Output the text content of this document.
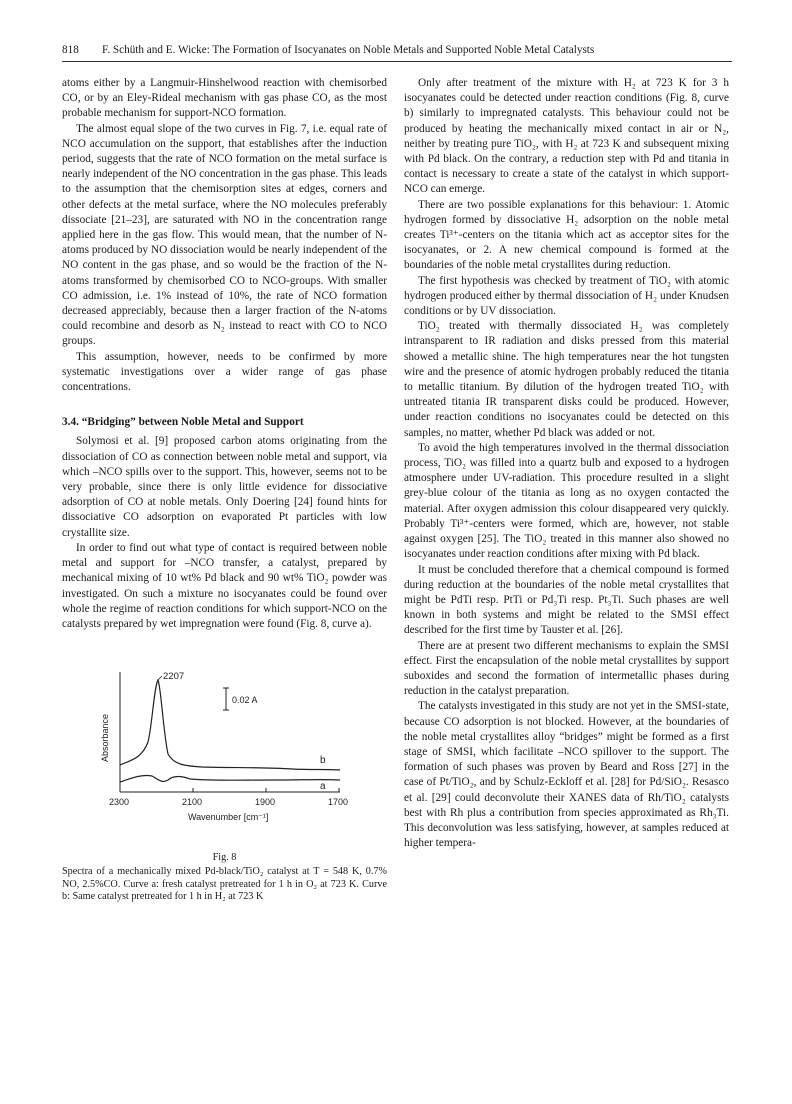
818 F. Schüth and E. Wicke: The Formation of Isocyanates on Noble Metals and Supported Noble Metal Catalysts

atoms either by a Langmuir-Hinshelwood reaction with chemisorbed CO, or by an Eley-Rideal mechanism with gas phase CO, as the most probable mechanism for support-NCO formation.

The almost equal slope of the two curves in Fig. 7, i.e. equal rate of NCO accumulation on the support, that establishes after the induction period, suggests that the rate of NCO formation on the metal surface is nearly independent of the NO concentration in the gas phase. This leads to the assumption that the chemisorption sites at edges, corners and other defects at the metal surface, where the NO molecules preferably dissociate [21–23], are saturated with NO in the concentration range applied here in the gas flow. This would mean, that the number of N-atoms produced by NO dissociation would be nearly independent of the NO content in the gas phase, and so would be the fraction of the N-atoms transformed by chemisorbed CO to NCO-groups. With smaller CO admission, i.e. 1% instead of 10%, the rate of NCO formation decreased appreciably, because then a larger fraction of the N-atoms could recombine and desorb as N₂ instead to react with CO to NCO groups.

This assumption, however, needs to be confirmed by more systematic investigations over a wider range of gas phase concentrations.

3.4. “Bridging” between Noble Metal and Support

Solymosi et al. [9] proposed carbon atoms originating from the dissociation of CO as connection between noble metal and support, via which –NCO spills over to the support. This, however, seems not to be very probable, since there is only little evidence for dissociative adsorption of CO at noble metals. Only Doering [24] found hints for dissociative CO adsorption on evaporated Pt particles with low crystallite size.

In order to find out what type of contact is required between noble metal and support for –NCO transfer, a catalyst, prepared by mechanical mixing of 10 wt% Pd black and 90 wt% TiO₂ powder was investigated. On such a mixture no isocyanates could be found over whole the regime of reaction conditions for which support-NCO on the catalysts prepared by wet impregnation were found (Fig. 8, curve a).

2207
0.02 A
b
a
Absorbance
2300	2100	1900	1700
Wavenumber [cm⁻¹]
Fig. 8
Spectra of a mechanically mixed Pd-black/TiO₂ catalyst at T = 548 K, 0.7% NO, 2.5%CO. Curve a: fresh catalyst pretreated for 1 h in O₂ at 723 K. Curve b: Same catalyst pretreated for 1 h in H₂ at 723 K

Only after treatment of the mixture with H₂ at 723 K for 3 h isocyanates could be detected under reaction conditions (Fig. 8, curve b) similarly to impregnated catalysts. This behaviour could not be produced by heating the mechanically mixed contact in air or N₂, neither by treating pure TiO₂, with H₂ at 723 K and subsequent mixing with Pd black. On the contrary, a reduction step with Pd and titania in contact is necessary to create a state of the catalyst in which support-NCO can emerge.

There are two possible explanations for this behaviour: 1. Atomic hydrogen formed by dissociative H₂ adsorption on the noble metal creates Ti³⁺-centers on the titania which act as acceptor sites for the isocyanates, or 2. A new chemical compound is formed at the boundaries of the noble metal crystallites during reduction.

The first hypothesis was checked by treatment of TiO₂ with atomic hydrogen produced either by thermal dissociation of H₂ under Knudsen conditions or by UV dissociation.

TiO₂ treated with thermally dissociated H₂ was completely intransparent to IR radiation and disks pressed from this material showed a metallic shine. The high temperatures near the hot tungsten wire and the presence of atomic hydrogen probably reduced the titania to metallic titanium. By dilution of the hydrogen treated TiO₂ with untreated titania IR transparent disks could be produced. However, under reaction conditions no isocyanates could be detected on this samples, no matter, whether Pd black was added or not.

To avoid the high temperatures involved in the thermal dissociation process, TiO₂ was filled into a quartz bulb and exposed to a hydrogen atmosphere under UV-radiation. This procedure resulted in a slight grey-blue colour of the titania as long as no oxygen contacted the material. After oxygen admission this colour disappeared very quickly. Probably Ti³⁺-centers were formed, which are, however, not stable against oxygen [25]. The TiO₂ treated in this manner also showed no isocyanates under reaction conditions after mixing with Pd black.

It must be concluded therefore that a chemical compound is formed during reduction at the boundaries of the noble metal crystallites that might be PdTi resp. PtTi or Pd₃Ti resp. Pt₃Ti. Such phases are well known in both systems and might be related to the SMSI effect described for the first time by Tauster et al. [26].

There are at present two different mechanisms to explain the SMSI effect. First the encapsulation of the noble metal crystallites by support suboxides and second the formation of intermetallic phases during reduction in the catalyst preparation.

The catalysts investigated in this study are not yet in the SMSI-state, because CO adsorption is not blocked. However, at the boundaries of the noble metal crystallites alloy “bridges” might be formed as a first stage of SMSI, which facilitate –NCO spillover to the support. The formation of such phases was proven by Beard and Ross [27] in the case of Pt/TiO₂, and by Schulz-Eckloff et al. [28] for Pd/SiO₂. Resasco et al. [29] could deconvolute their XANES data of Rh/TiO₂ catalysts best with Rh plus a contribution from species approximated as Rh₃Ti. This deconvolution was less satisfying, however, at samples reduced at higher tempera-
